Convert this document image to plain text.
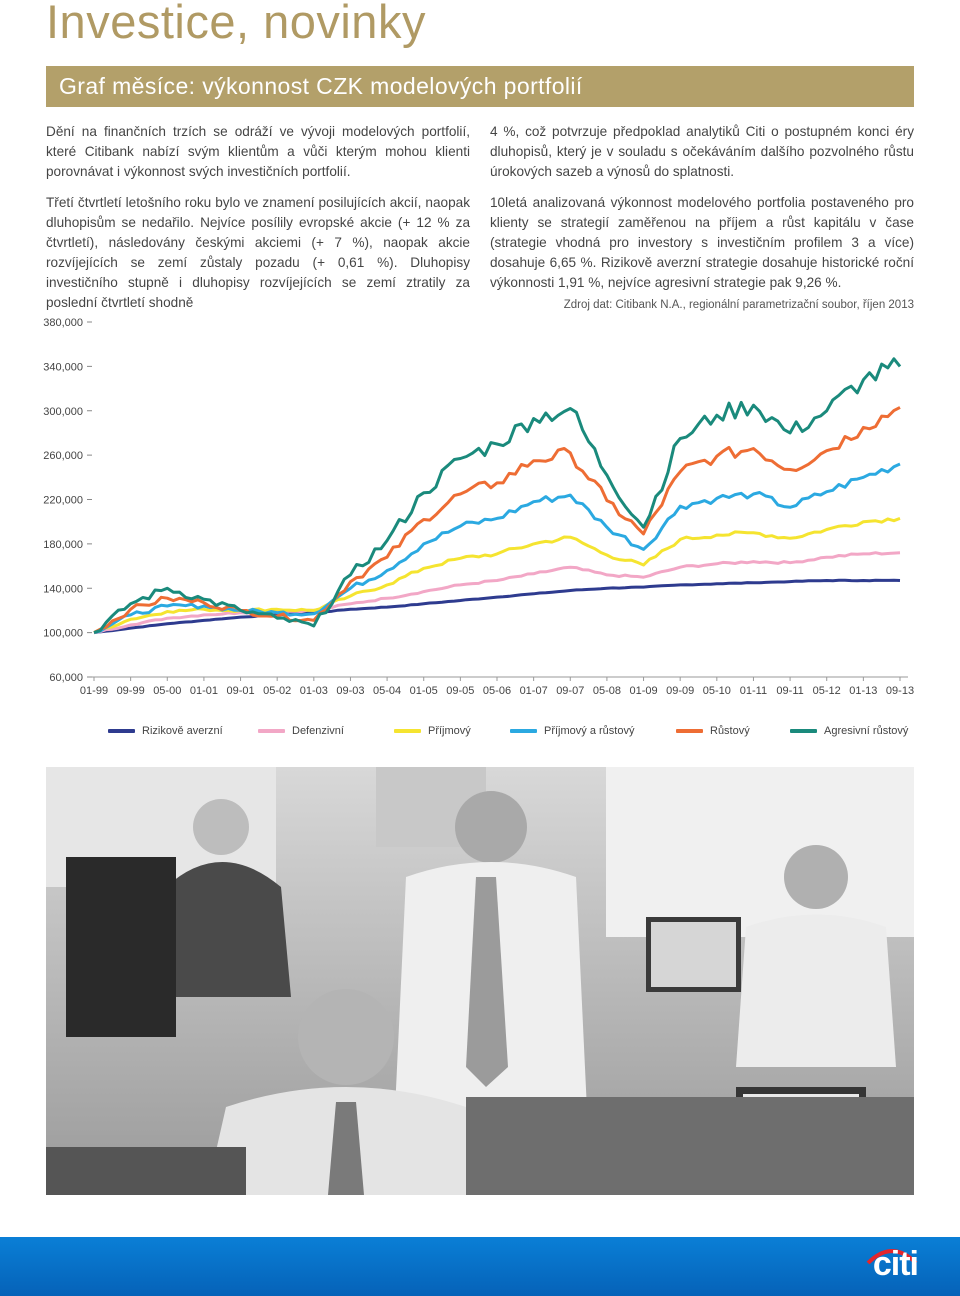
Investice, novinky
Graf měsíce: výkonnost CZK modelových portfolií

Dění na finančních trzích se odráží ve vývoji modelových portfolií, které Citibank nabízí svým klientům a vůči kterým mohou klienti porovnávat i výkonnost svých investičních portfolií.

Třetí čtvrtletí letošního roku bylo ve znamení posilujících akcií, naopak dluhopisům se nedařilo. Nejvíce posílily evropské akcie (+ 12 % za čtvrtletí), následovány českými akciemi (+ 7 %), naopak akcie rozvíjejících se zemí zůstaly pozadu (+ 0,61 %). Dluhopisy investičního stupně i dluhopisy rozvíjejících se zemí ztratily za poslední čtvrtletí shodně

4 %, což potvrzuje předpoklad analytiků Citi o postupném konci éry dluhopisů, který je v souladu s očekáváním dalšího pozvolného růstu úrokových sazeb a výnosů do splatnosti.

10letá analizovaná výkonnost modelového portfolia postaveného pro klienty se strategií zaměřenou na příjem a růst kapitálu v čase (strategie vhodná pro investory s investičním profilem 3 a více) dosahuje 6,65 %. Rizikově averzní strategie dosahuje historické roční výkonnosti 1,91 %, nejvíce agresivní strategie pak 9,26 %.

Zdroj dat: Citibank N.A., regionální parametrizační soubor, říjen 2013
380,000
340,000
300,000
260,000
220,000
180,000
140,000
100,000
60,000
01-99 09-99 05-00 01-01 09-01 05-02 01-03 09-03 05-04 01-05 09-05 05-06 01-07 09-07 05-08 01-09 09-09 05-10 01-11 09-11 05-12 01-13 09-13
Rizikově averzní	Defenzivní	Příjmový	Příjmový a růstový	Růstový	Agresivní růstový
citi
